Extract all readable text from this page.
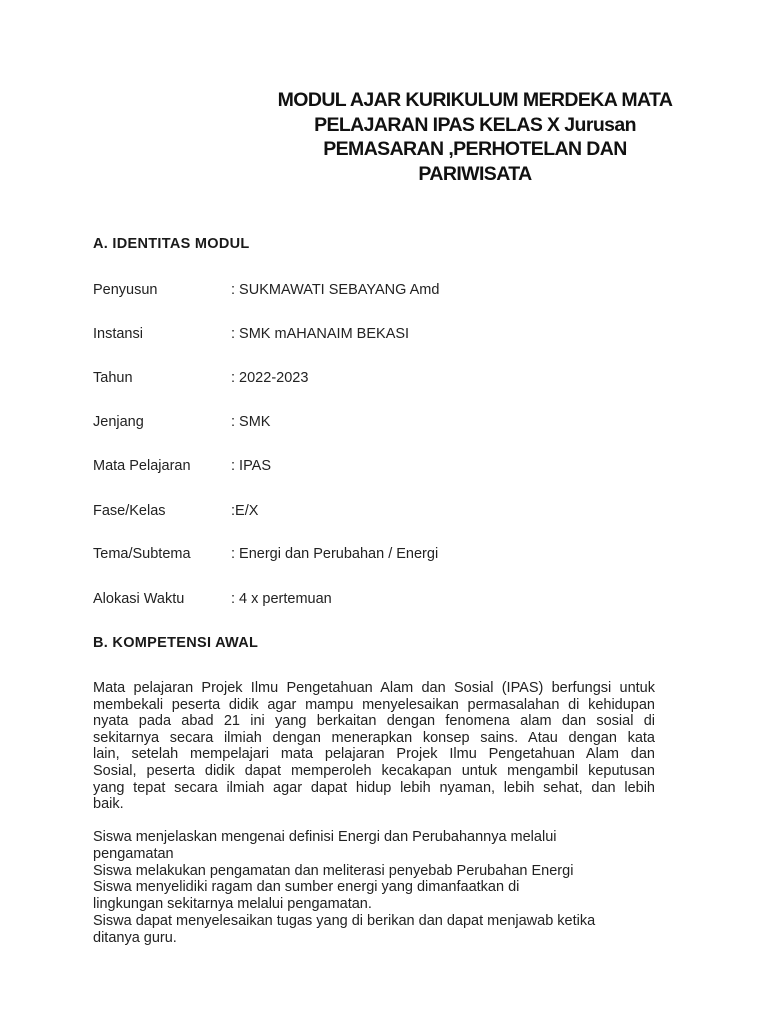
MODUL AJAR KURIKULUM MERDEKA MATA
PELAJARAN IPAS KELAS X Jurusan
PEMASARAN ,PERHOTELAN DAN
PARIWISATA
A. IDENTITAS MODUL
Penyusun	: SUKMAWATI SEBAYANG Amd
Instansi	: SMK mAHANAIM BEKASI
Tahun	: 2022-2023
Jenjang	: SMK
Mata Pelajaran	: IPAS
Fase/Kelas	:E/X
Tema/Subtema	: Energi dan Perubahan / Energi
Alokasi Waktu	: 4 x pertemuan
B. KOMPETENSI AWAL
Mata pelajaran Projek Ilmu Pengetahuan Alam dan Sosial (IPAS) berfungsi untuk
membekali peserta didik agar mampu menyelesaikan permasalahan di kehidupan
nyata pada abad 21 ini yang berkaitan dengan fenomena alam dan sosial di
sekitarnya secara ilmiah dengan menerapkan konsep sains. Atau dengan kata
lain, setelah mempelajari mata pelajaran Projek Ilmu Pengetahuan Alam dan
Sosial, peserta didik dapat memperoleh kecakapan untuk mengambil keputusan
yang tepat secara ilmiah agar dapat hidup lebih nyaman, lebih sehat, dan lebih
baik.
Siswa menjelaskan mengenai definisi Energi dan Perubahannya melalui
pengamatan
Siswa melakukan pengamatan dan meliterasi penyebab Perubahan Energi
Siswa menyelidiki ragam dan sumber energi yang dimanfaatkan di
lingkungan sekitarnya melalui pengamatan.
Siswa dapat menyelesaikan tugas yang di berikan dan dapat menjawab ketika
ditanya guru.
